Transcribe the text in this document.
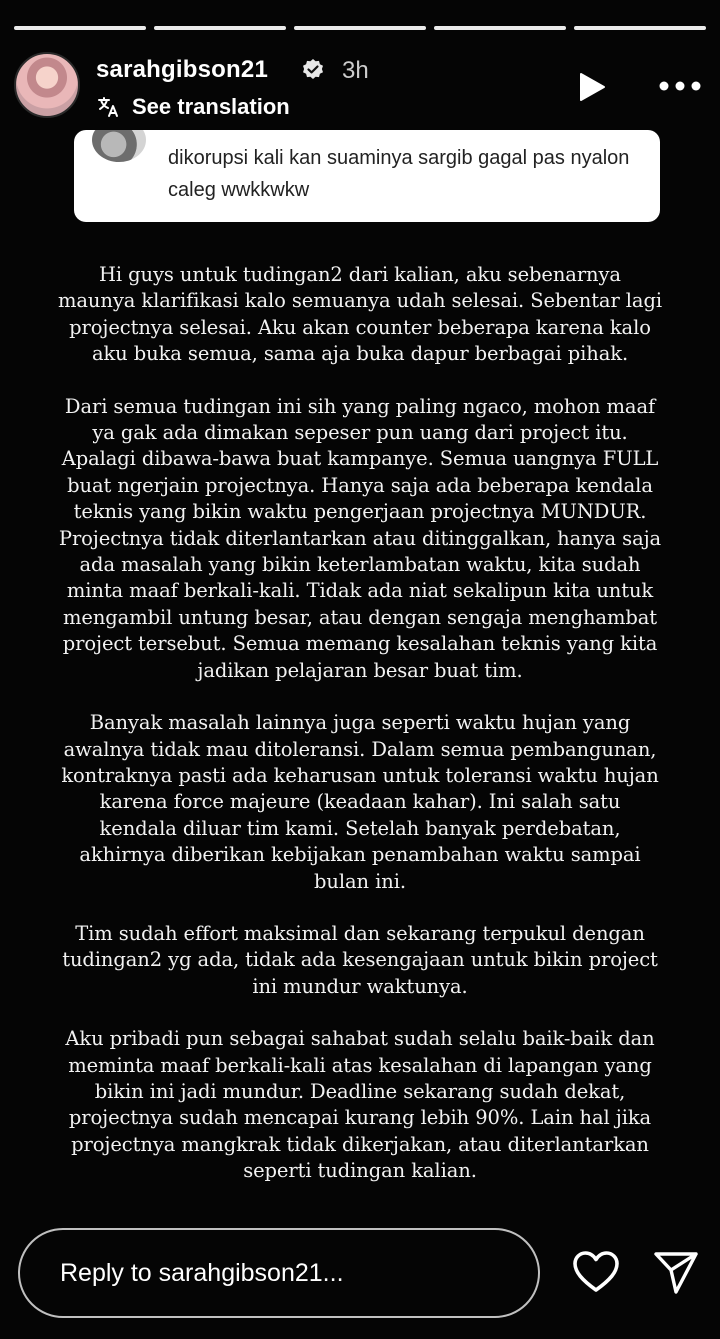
sarahgibson21	3h
See translation
dikorupsi kali kan suaminya sargib gagal pas nyalon caleg wwkkwkw

Hi guys untuk tudingan2 dari kalian, aku sebenarnya maunya klarifikasi kalo semuanya udah selesai. Sebentar lagi projectnya selesai. Aku akan counter beberapa karena kalo aku buka semua, sama aja buka dapur berbagai pihak.

Dari semua tudingan ini sih yang paling ngaco, mohon maaf ya gak ada dimakan sepeser pun uang dari project itu. Apalagi dibawa-bawa buat kampanye. Semua uangnya FULL buat ngerjain projectnya. Hanya saja ada beberapa kendala teknis yang bikin waktu pengerjaan projectnya MUNDUR. Projectnya tidak diterlantarkan atau ditinggalkan, hanya saja ada masalah yang bikin keterlambatan waktu, kita sudah minta maaf berkali-kali. Tidak ada niat sekalipun kita untuk mengambil untung besar, atau dengan sengaja menghambat project tersebut. Semua memang kesalahan teknis yang kita jadikan pelajaran besar buat tim.

Banyak masalah lainnya juga seperti waktu hujan yang awalnya tidak mau ditoleransi. Dalam semua pembangunan, kontraknya pasti ada keharusan untuk toleransi waktu hujan karena force majeure (keadaan kahar). Ini salah satu kendala diluar tim kami. Setelah banyak perdebatan, akhirnya diberikan kebijakan penambahan waktu sampai bulan ini.

Tim sudah effort maksimal dan sekarang terpukul dengan tudingan2 yg ada, tidak ada kesengajaan untuk bikin project ini mundur waktunya.

Aku pribadi pun sebagai sahabat sudah selalu baik-baik dan meminta maaf berkali-kali atas kesalahan di lapangan yang bikin ini jadi mundur. Deadline sekarang sudah dekat, projectnya sudah mencapai kurang lebih 90%. Lain hal jika projectnya mangkrak tidak dikerjakan, atau diterlantarkan seperti tudingan kalian.

Reply to sarahgibson21...
